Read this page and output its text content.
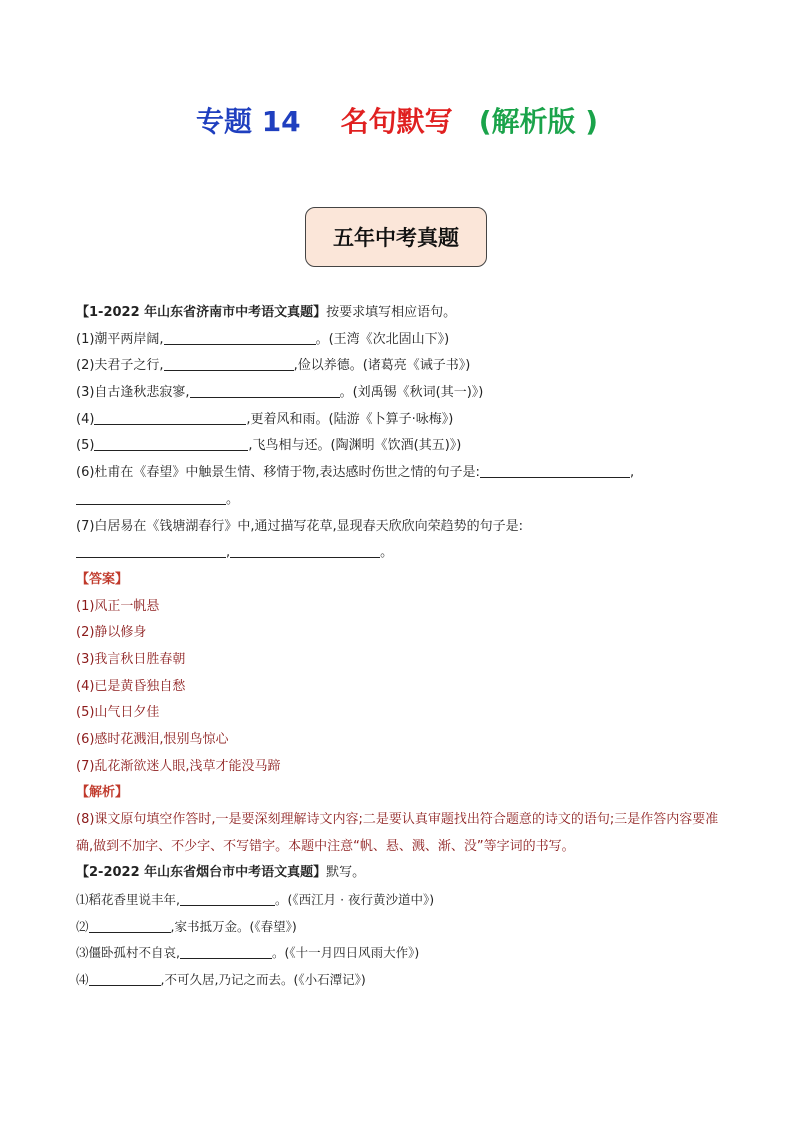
专题 14 名句默写 (解析版 )
五年中考真题
【1-2022 年山东省济南市中考语文真题】按要求填写相应语句。
(1)潮平两岸阔,	。(王湾《次北固山下》)
(2)夫君子之行,	,俭以养德。(诸葛亮《诫子书》)
(3)自古逢秋悲寂寥,	。(刘禹锡《秋词(其一)》)
(4)	,更着风和雨。(陆游《卜算子·咏梅》)
(5)	,飞鸟相与还。(陶渊明《饮酒(其五)》)
(6)杜甫在《春望》中触景生情、移情于物,表达感时伤世之情的句子是:	,
。
(7)白居易在《钱塘湖春行》中,通过描写花草,显现春天欣欣向荣趋势的句子是:
,	。
【答案】
(1)风正一帆悬
(2)静以修身
(3)我言秋日胜春朝
(4)已是黄昏独自愁
(5)山气日夕佳
(6)感时花溅泪,恨别鸟惊心
(7)乱花渐欲迷人眼,浅草才能没马蹄
【解析】
(8)课文原句填空作答时,一是要深刻理解诗文内容;二是要认真审题找出符合题意的诗文的语句;三是作答内容要准确,做到不加字、不少字、不写错字。本题中注意“帆、悬、溅、渐、没”等字词的书写。
【2-2022 年山东省烟台市中考语文真题】默写。
⑴稻花香里说丰年,	。(《西江月 · 夜行黄沙道中》)
⑵	,家书抵万金。(《春望》)
⑶僵卧孤村不自哀,	。(《十一月四日风雨大作》)
⑷	,不可久居,乃记之而去。(《小石潭记》)
